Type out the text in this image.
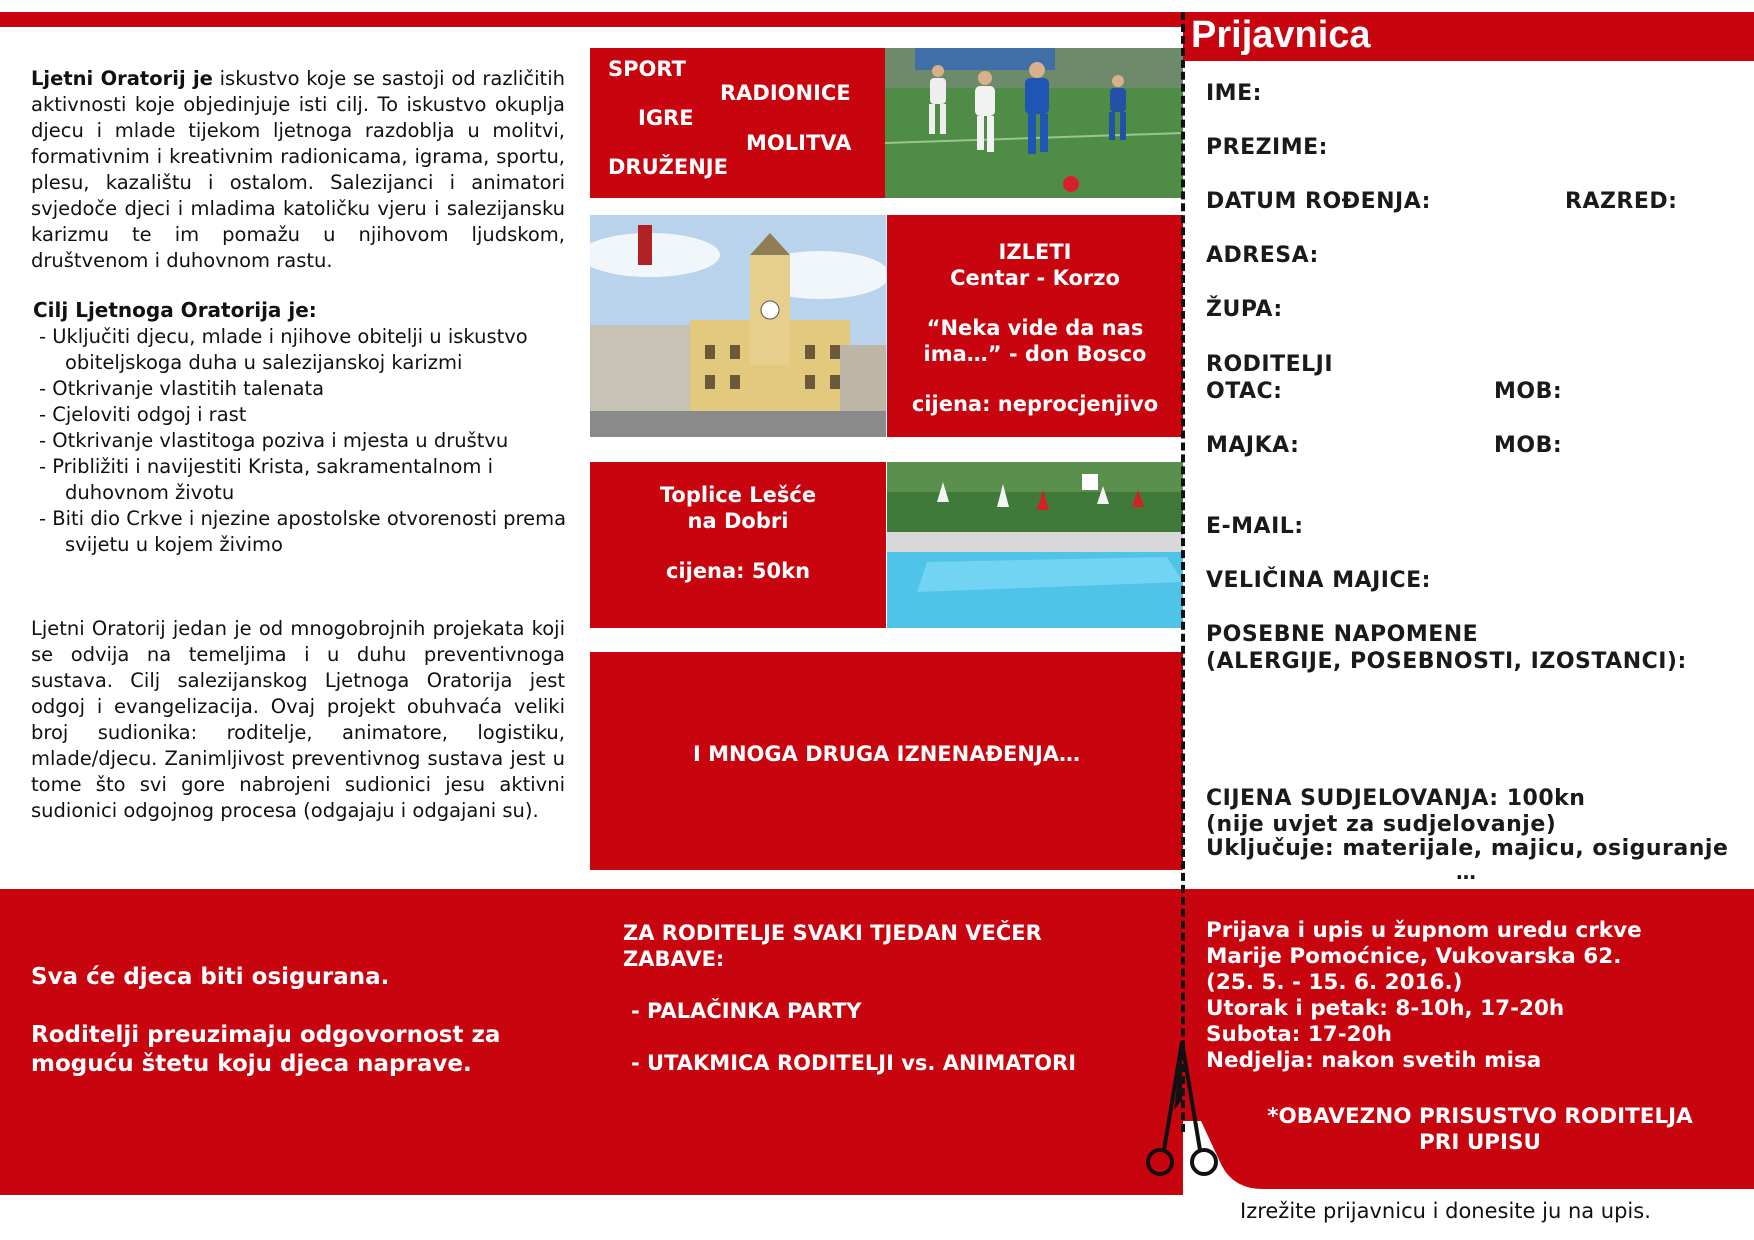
Ljetni Oratorij je iskustvo koje se sastoji od različitih aktivnosti koje objedinjuje isti cilj. To iskustvo okuplja djecu i mlade tijekom ljetnoga razdoblja u molitvi, formativnim i kreativnim radionicama, igrama, sportu, plesu, kazalištu i ostalom. Salezijanci i animatori svjedoče djeci i mladima katoličku vjeru i salezijansku karizmu te im pomažu u njihovom ljudskom, društvenom i duhovnom rastu.
Cilj Ljetnoga Oratorija je:
- Uključiti djecu, mlade i njihove obitelji u iskustvo obiteljskoga duha u salezijanskoj karizmi
- Otkrivanje vlastitih talenata
- Cjeloviti odgoj i rast
- Otkrivanje vlastitoga poziva i mjesta u društvu
- Približiti i navijestiti Krista, sakramentalnom i duhovnom životu
- Biti dio Crkve i njezine apostolske otvorenosti prema svijetu u kojem živimo
Ljetni Oratorij jedan je od mnogobrojnih projekata koji se odvija na temeljima i u duhu preventivnoga sustava. Cilj salezijanskog Ljetnoga Oratorija jest odgoj i evangelizacija. Ovaj projekt obuhvaća veliki broj sudionika: roditelje, animatore, logistiku, mlade/djecu. Zanimljivost preventivnog sustava jest u tome što svi gore nabrojeni sudionici jesu aktivni sudionici odgojnog procesa (odgajaju i odgajani su).
SPORT
RADIONICE
IGRE
MOLITVA
DRUŽENJE
IZLETI
Centar - Korzo
“Neka vide da nas
ima…” - don Bosco
cijena: neprocjenjivo
Toplice Lešće
na Dobri
cijena: 50kn
I MNOGA DRUGA IZNENAĐENJA…
Sva će djeca biti osigurana.
Roditelji preuzimaju odgovornost za
moguću štetu koju djeca naprave.
ZA RODITELJE SVAKI TJEDAN VEČER
ZABAVE:
- PALAČINKA PARTY
- UTAKMICA RODITELJI vs. ANIMATORI
Prijavnica
IME:
PREZIME:
DATUM ROĐENJA:	RAZRED:
ADRESA:
ŽUPA:
RODITELJI
OTAC:	MOB:
MAJKA:	MOB:
E-MAIL:
VELIČINA MAJICE:
POSEBNE NAPOMENE
(ALERGIJE, POSEBNOSTI, IZOSTANCI):
CIJENA SUDJELOVANJA: 100kn
(nije uvjet za sudjelovanje)
Uključuje: materijale, majicu, osiguranje
…
Prijava i upis u župnom uredu crkve
Marije Pomoćnice, Vukovarska 62.
(25. 5. - 15. 6. 2016.)
Utorak i petak: 8-10h, 17-20h
Subota: 17-20h
Nedjelja: nakon svetih misa
*OBAVEZNO PRISUSTVO RODITELJA
PRI UPISU
Izrežite prijavnicu i donesite ju na upis.
